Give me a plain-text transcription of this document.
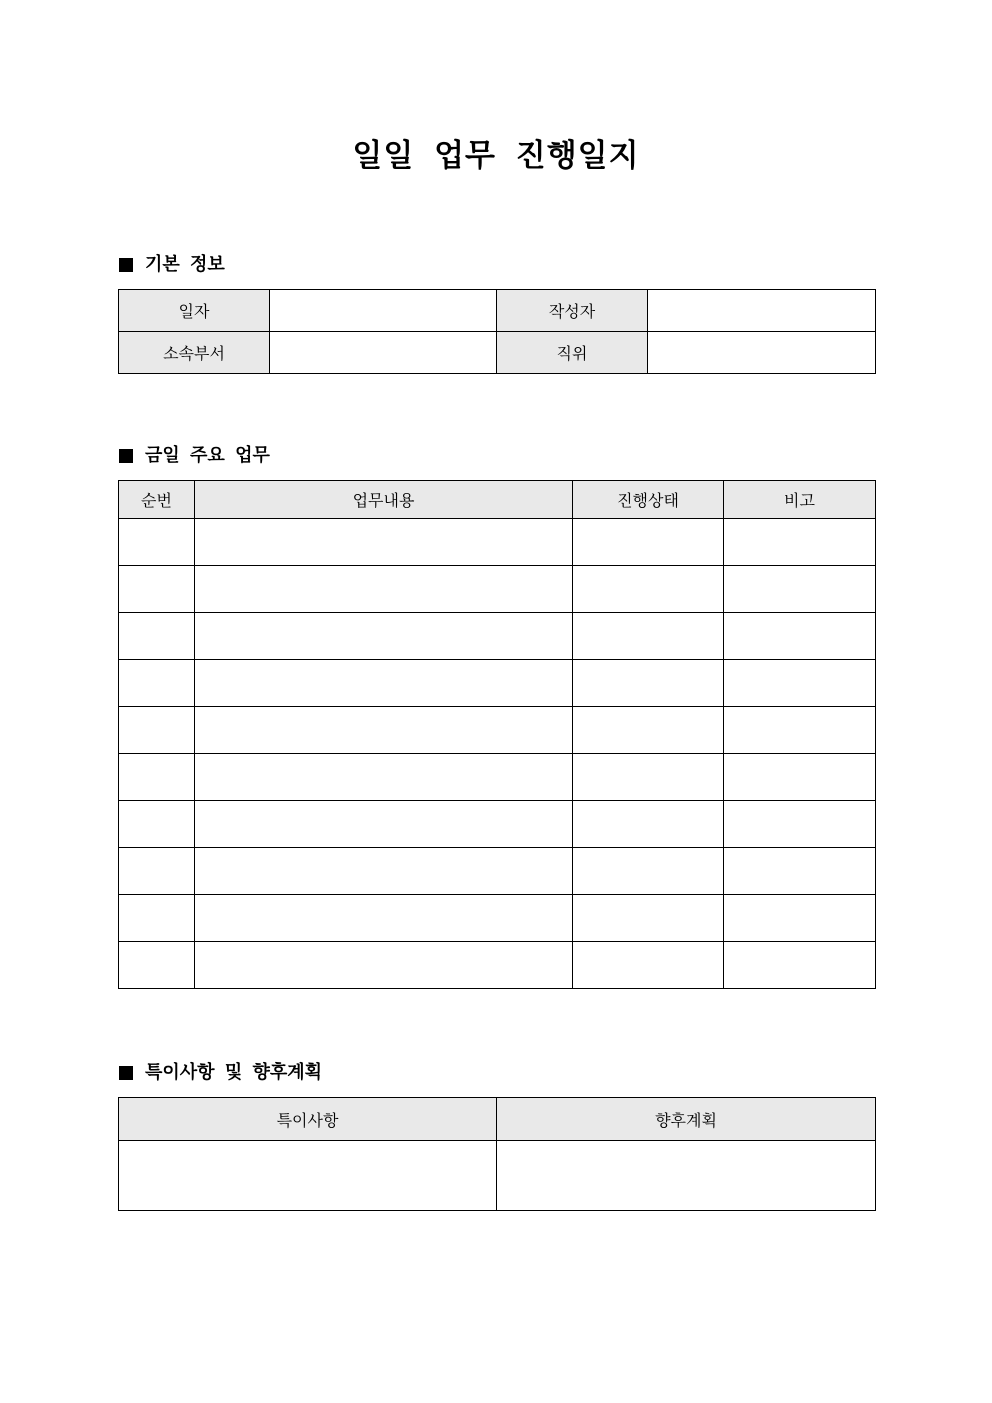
일일 업무 진행일지
기본 정보
일자		작성자	
소속부서		직위	
금일 주요 업무
순번	업무내용	진행상태	비고

특이사항 및 향후계획
특이사항	향후계획
